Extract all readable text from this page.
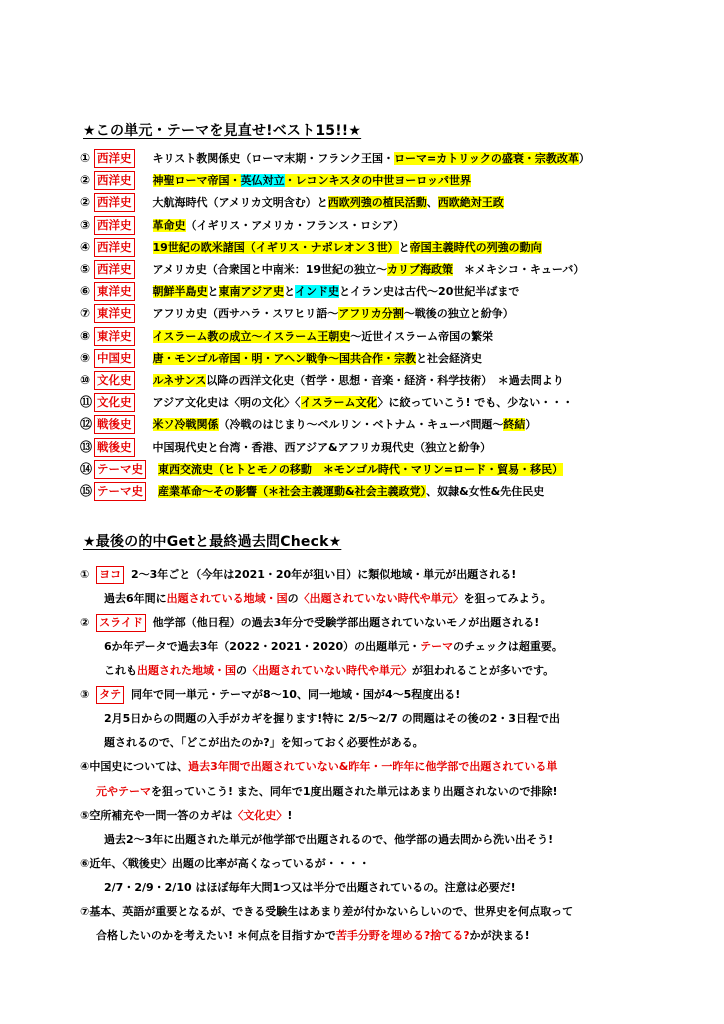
★この単元・テーマを見直せ!ベスト15!!★
① 西洋史 キリスト教関係史（ローマ末期・フランク王国・ローマ=カトリックの盛衰・宗教改革）
② 西洋史 神聖ローマ帝国・英仏対立・レコンキスタの中世ヨーロッパ世界
② 西洋史 大航海時代（アメリカ文明含む）と西欧列強の植民活動、西欧絶対王政
③ 西洋史 革命史（イギリス・アメリカ・フランス・ロシア）
④ 西洋史 19世紀の欧米諸国（イギリス・ナポレオン３世）と帝国主義時代の列強の動向
⑤ 西洋史 アメリカ史（合衆国と中南米：19世紀の独立～カリブ海政策　＊メキシコ・キューバ）
⑥ 東洋史 朝鮮半島史と東南アジア史とインド史とイラン史は古代～20世紀半ばまで
⑦ 東洋史 アフリカ史（西サハラ・スワヒリ語～アフリカ分割～戦後の独立と紛争）
⑧ 東洋史 イスラーム教の成立～イスラーム王朝史～近世イスラーム帝国の繁栄
⑨ 中国史 唐・モンゴル帝国・明・アヘン戦争～国共合作・宗教と社会経済史
⑩ 文化史 ルネサンス以降の西洋文化史（哲学・思想・音楽・経済・科学技術）　＊過去問より
⑪ 文化史 アジア文化史は〈明の文化〉〈イスラーム文化〉に絞っていこう! でも、少ない・・・
⑫ 戦後史 米ソ冷戦関係（冷戦のはじまり～ベルリン・ベトナム・キューバ問題～終結）
⑬ 戦後史 中国現代史と台湾・香港、西アジア&アフリカ現代史（独立と紛争）
⑭ テーマ史 東西交流史（ヒトとモノの移動　＊モンゴル時代・マリン=ロード・貿易・移民）
⑮ テーマ史 産業革命～その影響（＊社会主義運動&社会主義政党）、奴隷&女性&先住民史
★最後の的中Getと最終過去問Check★
① ヨコ 2～3年ごと（今年は2021・20年が狙い目）に類似地域・単元が出題される!
過去6年間に出題されている地域・国の〈出題されていない時代や単元〉を狙ってみよう。
② スライド 他学部（他日程）の過去3年分で受験学部出題されていないモノが出題される!
6か年データで過去3年（2022・2021・2020）の出題単元・テーマのチェックは超重要。
これも出題された地域・国の〈出題されていない時代や単元〉が狙われることが多いです。
③ タテ 同年で同一単元・テーマが8～10、同一地域・国が4～5程度出る!
2月5日からの問題の入手がカギを握ります!特に 2/5～2/7 の問題はその後の2・3日程で出
題されるので、「どこが出たのか?」を知っておく必要性がある。
④中国史については、過去3年間で出題されていない&昨年・一昨年に他学部で出題されている単
元やテーマを狙っていこう! また、同年で1度出題された単元はあまり出題されないので排除!
⑤空所補充や一問一答のカギは〈文化史〉!
過去2～3年に出題された単元が他学部で出題されるので、他学部の過去問から洗い出そう!
⑥近年、〈戦後史〉出題の比率が高くなっているが・・・・
2/7・2/9・2/10 はほぼ毎年大問1つ又は半分で出題されているの。注意は必要だ!
⑦基本、英語が重要となるが、できる受験生はあまり差が付かないらしいので、世界史を何点取って
合格したいのかを考えたい! ＊何点を目指すかで苦手分野を埋める?捨てる?かが決まる!
